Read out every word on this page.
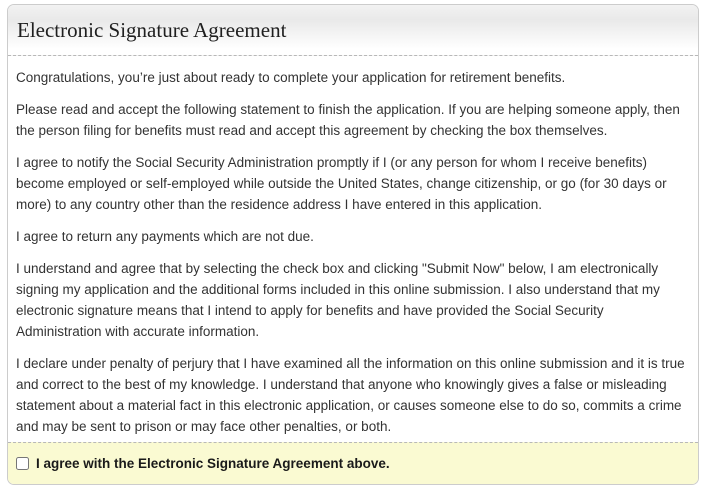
Electronic Signature Agreement

Congratulations, you’re just about ready to complete your application for retirement benefits.

Please read and accept the following statement to finish the application. If you are helping someone apply, then the person filing for benefits must read and accept this agreement by checking the box themselves.

I agree to notify the Social Security Administration promptly if I (or any person for whom I receive benefits) become employed or self-employed while outside the United States, change citizenship, or go (for 30 days or more) to any country other than the residence address I have entered in this application.

I agree to return any payments which are not due.

I understand and agree that by selecting the check box and clicking "Submit Now" below, I am electronically signing my application and the additional forms included in this online submission. I also understand that my electronic signature means that I intend to apply for benefits and have provided the Social Security Administration with accurate information.

I declare under penalty of perjury that I have examined all the information on this online submission and it is true and correct to the best of my knowledge. I understand that anyone who knowingly gives a false or misleading statement about a material fact in this electronic application, or causes someone else to do so, commits a crime and may be sent to prison or may face other penalties, or both.

I agree with the Electronic Signature Agreement above.
